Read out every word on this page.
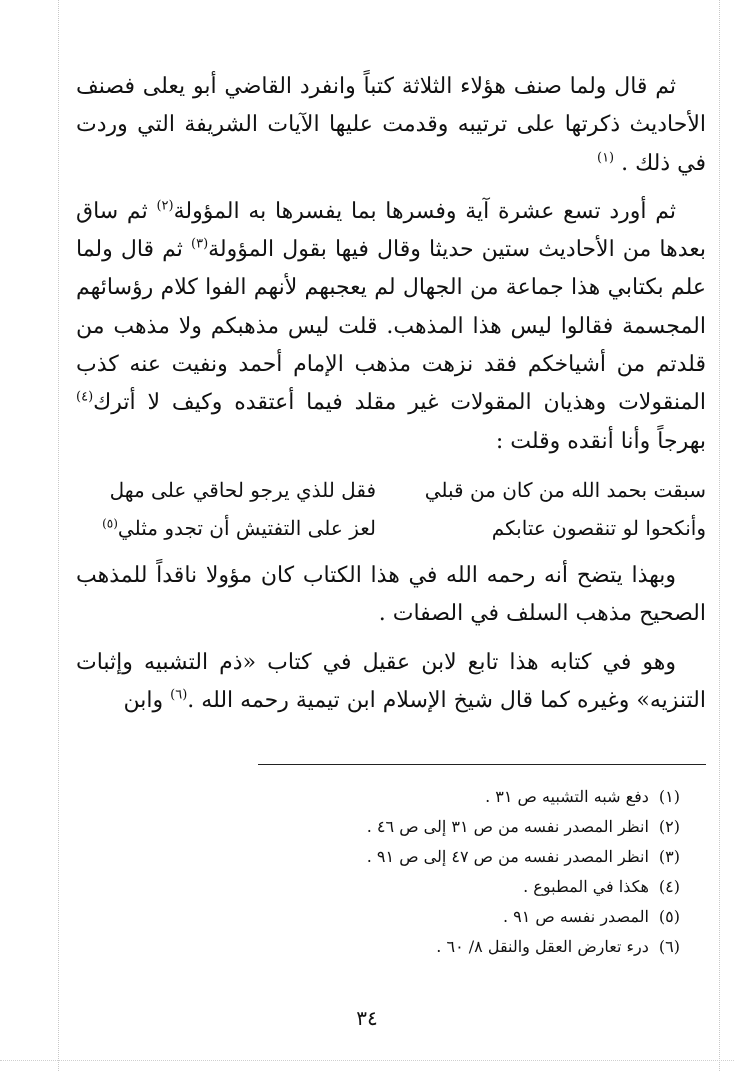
ثم قال ولما صنف هؤلاء الثلاثة كتباً وانفرد القاضي أبو يعلى فصنف الأحاديث ذكرتها على ترتيبه وقدمت عليها الآيات الشريفة التي وردت في ذلك . $^{(١)}$

ثم أورد تسع عشرة آية وفسرها بما يفسرها به المؤولة$^{(٢)}$ ثم ساق بعدها من الأحاديث ستين حديثا وقال فيها بقول المؤولة$^{(٣)}$ ثم قال ولما علم بكتابي هذا جماعة من الجهال لم يعجبهم لأنهم الفوا كلام رؤسائهم المجسمة فقالوا ليس هذا المذهب. قلت ليس مذهبكم ولا مذهب من قلدتم من أشياخكم فقد نزهت مذهب الإمام أحمد ونفيت عنه كذب المنقولات وهذيان المقولات غير مقلد فيما أعتقده وكيف لا أترك$^{(٤)}$ بهرجاً وأنا أنقده وقلت :

سبقت بحمد الله من كان من قبلي
فقل للذي يرجو لحاقي على مهل
وأنكحوا لو تنقصون عتابكم
لعز على التفتيش أن تجدو مثلي$^{(٥)}$

وبهذا يتضح أنه رحمه الله في هذا الكتاب كان مؤولا ناقداً للمذهب الصحيح مذهب السلف في الصفات .

وهو في كتابه هذا تابع لابن عقيل في كتاب «ذم التشبيه وإثبات التنزيه» وغيره كما قال شيخ الإسلام ابن تيمية رحمه الله .$^{(٦)}$ وابن

(١)دفع شبه التشبيه ص ٣١ .
(٢)انظر المصدر نفسه من ص ٣١ إلى ص ٤٦ .
(٣)انظر المصدر نفسه من ص ٤٧ إلى ص ٩١ .
(٤)هكذا في المطبوع .
(٥)المصدر نفسه ص ٩١ .
(٦)درء تعارض العقل والنقل ٨/ ٦٠ .
٣٤
